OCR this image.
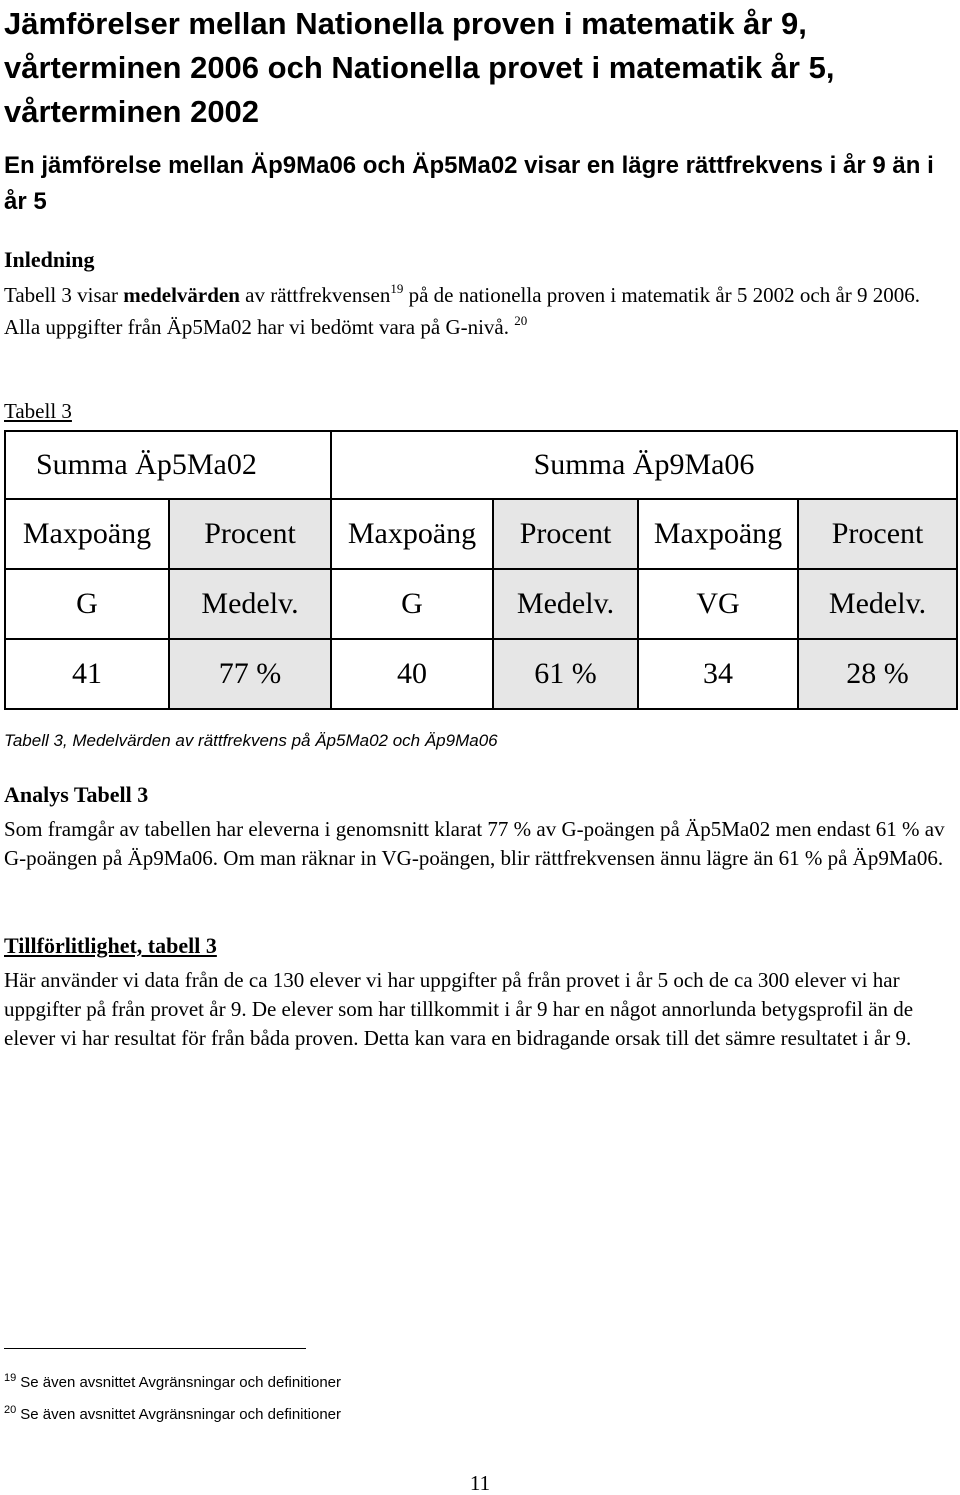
Jämförelser mellan Nationella proven i matematik år 9, vårterminen 2006 och Nationella provet i matematik år 5, vårterminen 2002
En jämförelse mellan Äp9Ma06 och Äp5Ma02 visar en lägre rättfrekvens i år 9 än i år 5
Inledning

Tabell 3 visar medelvärden av rättfrekvensen$^{19}$ på de nationella proven i matematik år 5 2002 och år 9 2006. Alla uppgifter från Äp5Ma02 har vi bedömt vara på G-nivå. $^{20}$

Tabell 3
Summa Äp5Ma02		Summa Äp9Ma06			
Maxpoäng	Procent	Maxpoäng	Procent	Maxpoäng	Procent
G	Medelv.	G	Medelv.	VG	Medelv.
41	77 %	40	61 %	34	28 %
Tabell 3, Medelvärden av rättfrekvens på Äp5Ma02 och Äp9Ma06
Analys Tabell 3

Som framgår av tabellen har eleverna i genomsnitt klarat 77 % av G-poängen på Äp5Ma02 men endast 61 % av G-poängen på Äp9Ma06. Om man räknar in VG-poängen, blir rättfrekvensen ännu lägre än 61 % på Äp9Ma06.

Tillförlitlighet, tabell 3

Här använder vi data från de ca 130 elever vi har uppgifter på från provet i år 5 och de ca 300 elever vi har uppgifter på från provet år 9. De elever som har tillkommit i år 9 har en något annorlunda betygsprofil än de elever vi har resultat för från båda proven. Detta kan vara en bidragande orsak till det sämre resultatet i år 9.

$^{19}$ Se även avsnittet Avgränsningar och definitioner
$^{20}$ Se även avsnittet Avgränsningar och definitioner
11
